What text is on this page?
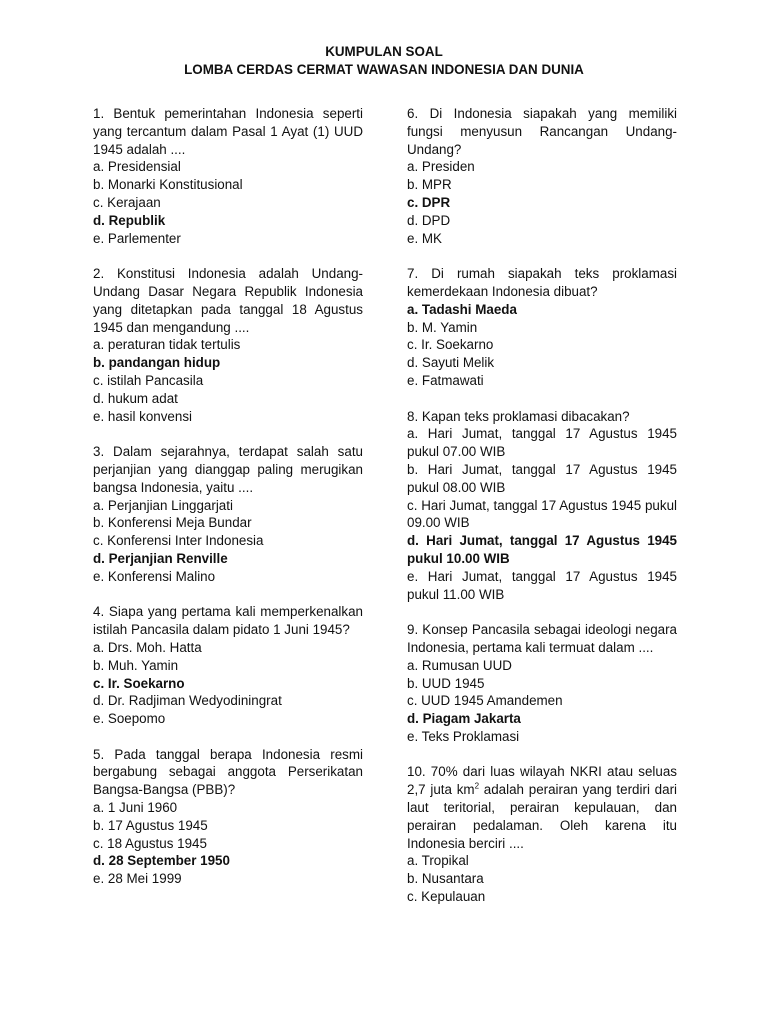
KUMPULAN SOAL
LOMBA CERDAS CERMAT WAWASAN INDONESIA DAN DUNIA
1. Bentuk pemerintahan Indonesia seperti yang tercantum dalam Pasal 1 Ayat (1) UUD 1945 adalah ....
a. Presidensial
b. Monarki Konstitusional
c. Kerajaan
d. Republik
e. Parlementer
2. Konstitusi Indonesia adalah Undang-Undang Dasar Negara Republik Indonesia yang ditetapkan pada tanggal 18 Agustus 1945 dan mengandung ....
a. peraturan tidak tertulis
b. pandangan hidup
c. istilah Pancasila
d. hukum adat
e. hasil konvensi
3. Dalam sejarahnya, terdapat salah satu perjanjian yang dianggap paling merugikan bangsa Indonesia, yaitu ....
a. Perjanjian Linggarjati
b. Konferensi Meja Bundar
c. Konferensi Inter Indonesia
d. Perjanjian Renville
e. Konferensi Malino
4. Siapa yang pertama kali memperkenalkan istilah Pancasila dalam pidato 1 Juni 1945?
a. Drs. Moh. Hatta
b. Muh. Yamin
c. Ir. Soekarno
d. Dr. Radjiman Wedyodiningrat
e. Soepomo
5. Pada tanggal berapa Indonesia resmi bergabung sebagai anggota Perserikatan Bangsa-Bangsa (PBB)?
a. 1 Juni 1960
b. 17 Agustus 1945
c. 18 Agustus 1945
d. 28 September 1950
e. 28 Mei 1999
6. Di Indonesia siapakah yang memiliki fungsi menyusun Rancangan Undang-Undang?
a. Presiden
b. MPR
c. DPR
d. DPD
e. MK
7. Di rumah siapakah teks proklamasi kemerdekaan Indonesia dibuat?
a. Tadashi Maeda
b. M. Yamin
c. Ir. Soekarno
d. Sayuti Melik
e. Fatmawati
8. Kapan teks proklamasi dibacakan?
a. Hari Jumat, tanggal 17 Agustus 1945 pukul 07.00 WIB
b. Hari Jumat, tanggal 17 Agustus 1945 pukul 08.00 WIB
c. Hari Jumat, tanggal 17 Agustus 1945 pukul 09.00 WIB
d. Hari Jumat, tanggal 17 Agustus 1945 pukul 10.00 WIB
e. Hari Jumat, tanggal 17 Agustus 1945 pukul 11.00 WIB
9. Konsep Pancasila sebagai ideologi negara Indonesia, pertama kali termuat dalam ....
a. Rumusan UUD
b. UUD 1945
c. UUD 1945 Amandemen
d. Piagam Jakarta
e. Teks Proklamasi
10. 70% dari luas wilayah NKRI atau seluas 2,7 juta $km^2$ adalah perairan yang terdiri dari laut teritorial, perairan kepulauan, dan perairan pedalaman. Oleh karena itu Indonesia berciri ....
a. Tropikal
b. Nusantara
c. Kepulauan
